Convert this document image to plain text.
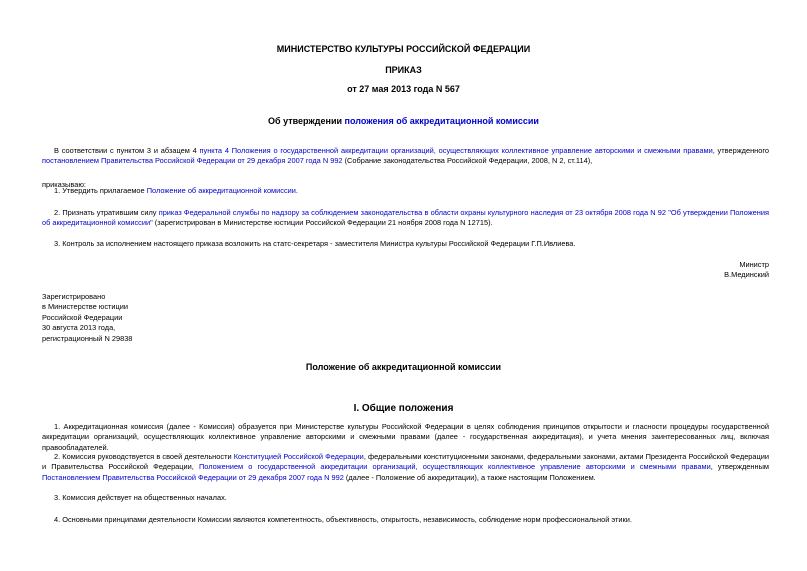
МИНИСТЕРСТВО КУЛЬТУРЫ РОССИЙСКОЙ ФЕДЕРАЦИИ
ПРИКАЗ
от 27 мая 2013 года N 567
Об утверждении положения об аккредитационной комиссии
В соответствии с пунктом 3 и абзацем 4 пункта 4 Положения о государственной аккредитации организаций, осуществляющих коллективное управление авторскими и смежными правами, утвержденного постановлением Правительства Российской Федерации от 29 декабря 2007 года N 992 (Собрание законодательства Российской Федерации, 2008, N 2, ст.114),
приказываю:
1. Утвердить прилагаемое Положение об аккредитационной комиссии.
2. Признать утратившим силу приказ Федеральной службы по надзору за соблюдением законодательства в области охраны культурного наследия от 23 октября 2008 года N 92 "Об утверждении Положения об аккредитационной комиссии" (зарегистрирован в Министерстве юстиции Российской Федерации 21 ноября 2008 года N 12715).
3. Контроль за исполнением настоящего приказа возложить на статс-секретаря - заместителя Министра культуры Российской Федерации Г.П.Ивлиева.
Министр
В.Мединский
Зарегистрировано
в Министерстве юстиции
Российской Федерации
30 августа 2013 года,
регистрационный N 29838
Положение об аккредитационной комиссии
I. Общие положения
1. Аккредитационная комиссия (далее - Комиссия) образуется при Министерстве культуры Российской Федерации в целях соблюдения принципов открытости и гласности процедуры государственной аккредитации организаций, осуществляющих коллективное управление авторскими и смежными правами (далее - государственная аккредитация), и учета мнения заинтересованных лиц, включая правообладателей.
2. Комиссия руководствуется в своей деятельности Конституцией Российской Федерации, федеральными конституционными законами, федеральными законами, актами Президента Российской Федерации и Правительства Российской Федерации, Положением о государственной аккредитации организаций, осуществляющих коллективное управление авторскими и смежными правами, утвержденным Постановлением Правительства Российской Федерации от 29 декабря 2007 года N 992 (далее - Положение об аккредитации), а также настоящим Положением.
3. Комиссия действует на общественных началах.
4. Основными принципами деятельности Комиссии являются компетентность, объективность, открытость, независимость, соблюдение норм профессиональной этики.
